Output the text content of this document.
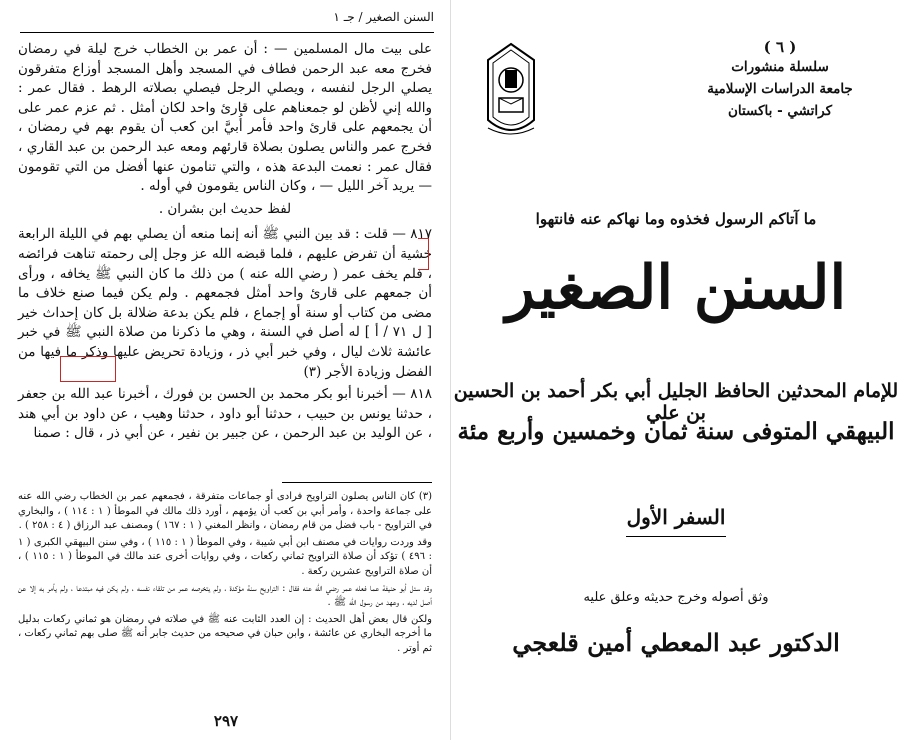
السنن الصغير / جـ ١

على بيت مال المسلمين — : أن عمر بن الخطاب خرج ليلة في رمضان فخرج معه عبد الرحمن فطاف في المسجد وأهل المسجد أوزاع متفرقون يصلي الرجل لنفسه ، ويصلي الرجل فيصلي بصلاته الرهط . فقال عمر : والله إني لأظن لو جمعناهم على قارئ واحد لكان أمثل . ثم عزم عمر على أن يجمعهم على قارئ واحد فأمر أُبيَّ ابن كعب أن يقوم بهم في رمضان ، فخرج عمر والناس يصلون بصلاة قارئهم ومعه عبد الرحمن بن عبد القاري ، فقال عمر : نعمت البدعة هذه ، والتي تنامون عنها أفضل من التي تقومون — يريد آخر الليل — ، وكان الناس يقومون في أوله .

لفظ حديث ابن بشران .

٨١٧ — قلت : قد بين النبي ﷺ أنه إنما منعه أن يصلي بهم في الليلة الرابعة خشية أن تفرض عليهم ، فلما قبضه الله عز وجل إلى رحمته تناهت فرائضه ، فلم يخف عمر ( رضي الله عنه ) من ذلك ما كان النبي ﷺ يخافه ، ورأى أن جمعهم على قارئ واحد أمثل فجمعهم . ولم يكن فيما صنع خلاف ما مضى من كتاب أو سنة أو إجماع ، فلم يكن بدعة ضلالة بل كان إحداث خير [ ل ٧١ / أ ] له أصل في السنة ، وهي ما ذكرنا من صلاة النبي ﷺ في خبر عائشة ثلاث ليال ، وفي خبر أبي ذر ، وزيادة تحريض عليها وذكر ما فيها من الفضل وزيادة الأجر (٣)

٨١٨ — أخبرنا أبو بكر محمد بن الحسن بن فورك ، أخبرنا عبد الله بن جعفر ، حدثنا يونس بن حبيب ، حدثنا أبو داود ، حدثنا وهيب ، عن داود بن أبي هند ، عن الوليد بن عبد الرحمن ، عن جبير بن نفير ، عن أبي ذر ، قال : صمنا

(٣) كان الناس يصلون التراويح فرادى أو جماعات متفرقة ، فجمعهم عمر بن الخطاب رضي الله عنه على جماعة واحدة ، وأمر أبي بن كعب أن يؤمهم ، أورد ذلك مالك في الموطأ ( ١ : ١١٤ ) ، والبخاري في التراويح - باب فضل من قام رمضان ، وانظر المغني ( ١ : ١٦٧ ) ومصنف عبد الرزاق ( ٤ : ٢٥٨ ) .

وقد وردت روايات في مصنف ابن أبي شيبة ، وفي الموطأ ( ١ : ١١٥ ) ، وفي سنن البيهقي الكبرى ( ١ : ٤٩٦ ) تؤكد أن صلاة التراويح ثماني ركعات ، وفي روايات أخرى عند مالك في الموطأ ( ١ : ١١٥ ) ، أن صلاة التراويح عشرين ركعة .

وقد سئل أبو حنيفة عما فعله عمر رضي الله عنه فقال : التراويح سنة مؤكدة ، ولم يتخرصه عمر من تلقاء نفسه ، ولم يكن فيه مبتدعا ، ولم يأمر به إلا عن أصل لديه ، وعهد من رسول الله ﷺ .

ولكن قال بعض أهل الحديث : إن العدد الثابت عنه ﷺ في صلاته في رمضان هو ثماني ركعات بدليل ما أخرجه البخاري عن عائشة ، وابن حبان في صحيحه من حديث جابر أنه ﷺ صلى بهم ثماني ركعات ، ثم أوتر .

٢٩٧
( ٦ )
سلسلة منشورات
جامعة الدراسات الإسلامية
كراتشي - باكستان
ما آتاكم الرسول فخذوه وما نهاكم عنه فانتهوا
السنن الصغير
للإمام المحدثين الحافظ الجليل أبي بكر أحمد بن الحسين بن علي
البيهقي المتوفى سنة ثمان وخمسين وأربع مئة
السفر الأول
وثق أصوله وخرج حديثه وعلق عليه
الدكتور عبد المعطي أمين قلعجي
